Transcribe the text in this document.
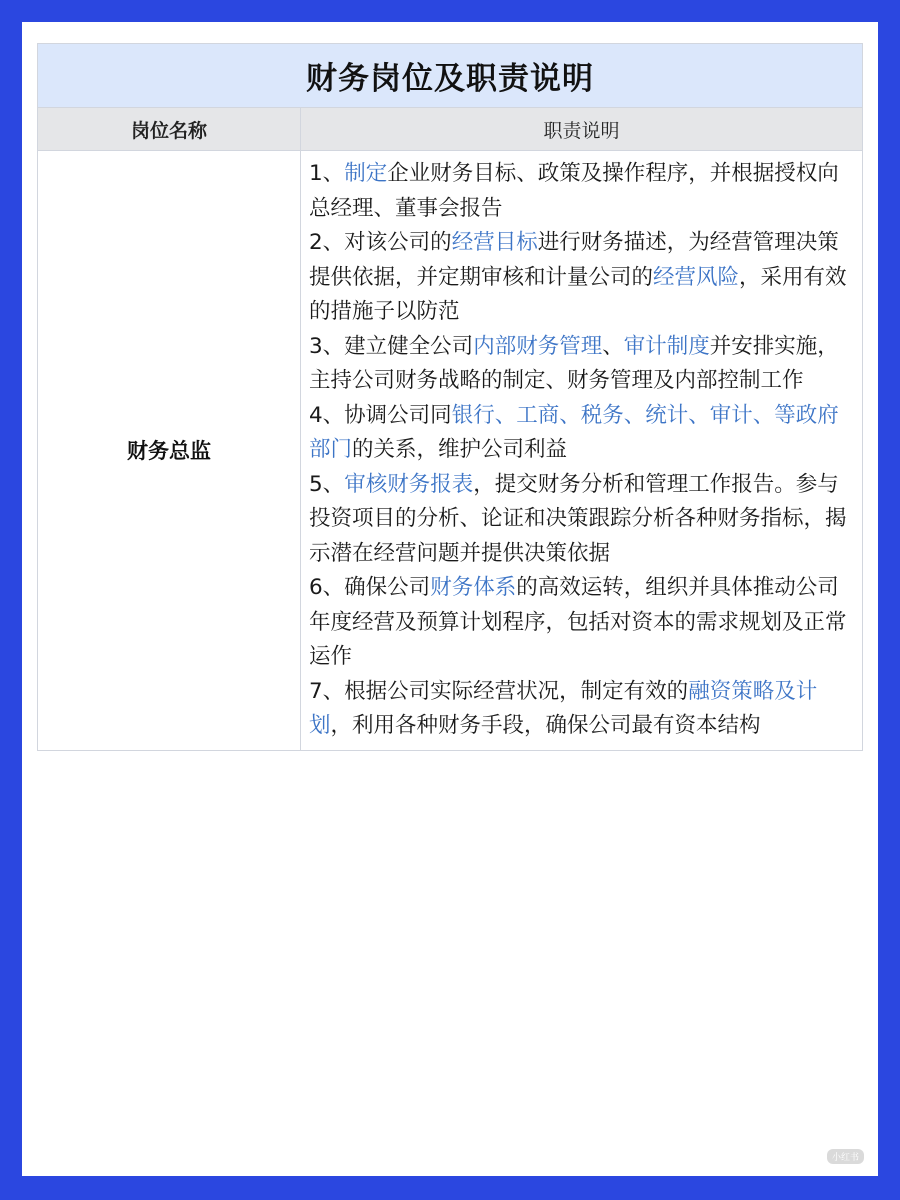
财务岗位及职责说明
岗位名称	职责说明
财务总监

1、制定企业财务目标、政策及操作程序，并根据授权向总经理、董事会报告

2、对该公司的经营目标进行财务描述，为经营管理决策提供依据，并定期审核和计量公司的经营风险，采用有效的措施子以防范

3、建立健全公司内部财务管理、审计制度并安排实施，主持公司财务战略的制定、财务管理及内部控制工作

4、协调公司同银行、工商、税务、统计、审计、等政府部门的关系，维护公司利益

5、审核财务报表，提交财务分析和管理工作报告。参与投资项目的分析、论证和决策跟踪分析各种财务指标，揭示潜在经营问题并提供决策依据

6、确保公司财务体系的高效运转，组织并具体推动公司年度经营及预算计划程序，包括对资本的需求规划及正常运作

7、根据公司实际经营状况，制定有效的融资策略及计划，利用各种财务手段，确保公司最有资本结构

小红书
